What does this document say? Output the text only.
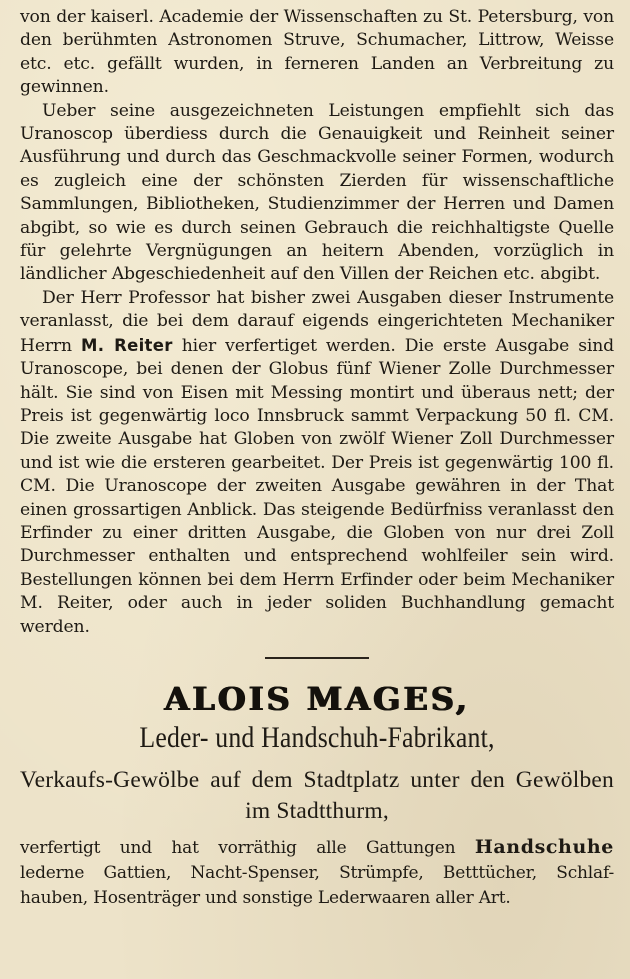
von der kaiserl. Academie der Wissenschaften zu St. Petersburg, von den berühmten Astronomen Struve, Schumacher, Littrow, Weisse etc. etc. gefällt wurden, in ferneren Landen an Verbreitung zu gewinnen.

Ueber seine ausgezeichneten Leistungen empfiehlt sich das Uranoscop überdiess durch die Genauigkeit und Reinheit seiner Ausführung und durch das Geschmackvolle seiner Formen, wodurch es zugleich eine der schönsten Zierden für wissenschaftliche Sammlungen, Bibliotheken, Studienzimmer der Herren und Damen abgibt, so wie es durch seinen Gebrauch die reichhaltigste Quelle für gelehrte Vergnügungen an heitern Abenden, vorzüglich in ländlicher Abgeschiedenheit auf den Villen der Reichen etc. abgibt.

Der Herr Professor hat bisher zwei Ausgaben dieser Instrumente veranlasst, die bei dem darauf eigends eingerichteten Mechaniker Herrn M. Reiter hier verfertiget werden. Die erste Ausgabe sind Uranoscope, bei denen der Globus fünf Wiener Zolle Durchmesser hält. Sie sind von Eisen mit Messing montirt und überaus nett; der Preis ist gegenwärtig loco Innsbruck sammt Verpackung 50 fl. CM. Die zweite Ausgabe hat Globen von zwölf Wiener Zoll Durchmesser und ist wie die ersteren gearbeitet. Der Preis ist gegenwärtig 100 fl. CM. Die Uranoscope der zweiten Ausgabe gewähren in der That einen grossartigen Anblick. Das steigende Bedürfniss veranlasst den Erfinder zu einer dritten Ausgabe, die Globen von nur drei Zoll Durchmesser enthalten und entsprechend wohlfeiler sein wird. Bestellungen können bei dem Herrn Erfinder oder beim Mechaniker M. Reiter, oder auch in jeder soliden Buchhandlung gemacht werden.

ALOIS MAGES,
Leder- und Handschuh-Fabrikant,
Verkaufs-Gewölbe auf dem Stadtplatz unter den Gewölben im Stadtthurm,
verfertigt und hat vorräthig alle Gattungen Handschuhe
lederne Gattien, Nacht-Spenser, Strümpfe, Betttücher, Schlaf-
hauben, Hosenträger und sonstige Lederwaaren aller Art.
